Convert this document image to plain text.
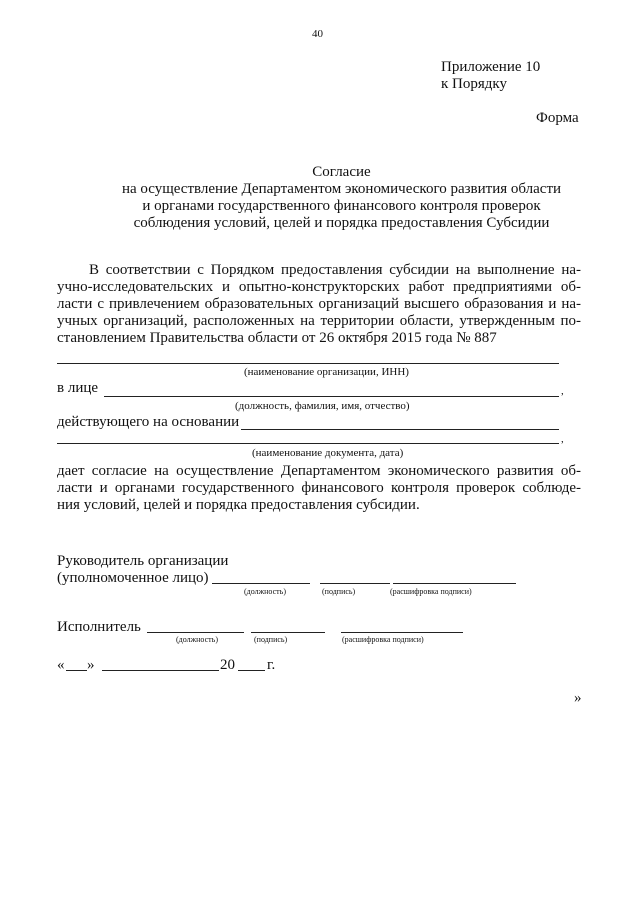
40
Приложение 10
к Порядку
Форма
Согласие
на осуществление Департаментом экономического развития области
и органами государственного финансового контроля проверок
соблюдения условий, целей и порядка предоставления Субсидии
В соответствии с Порядком предоставления субсидии на выполнение на-
учно-исследовательских и опытно-конструкторских работ предприятиями об-
ласти с привлечением образовательных организаций высшего образования и на-
учных организаций, расположенных на территории области, утвержденным по-
становлением Правительства области от 26 октября 2015 года № 887
(наименование организации, ИНН)
в лице	,
(должность, фамилия, имя, отчество)
действующего на основании
,
(наименование документа, дата)
дает согласие на осуществление Департаментом экономического развития об-
ласти и органами государственного финансового контроля проверок соблюде-
ния условий, целей и порядка предоставления субсидии.
Руководитель организации
(уполномоченное лицо)
(должность)	(подпись)	(расшифровка подписи)
Исполнитель
(должность)	(подпись)	(расшифровка подписи)
« »	20 г.
»
